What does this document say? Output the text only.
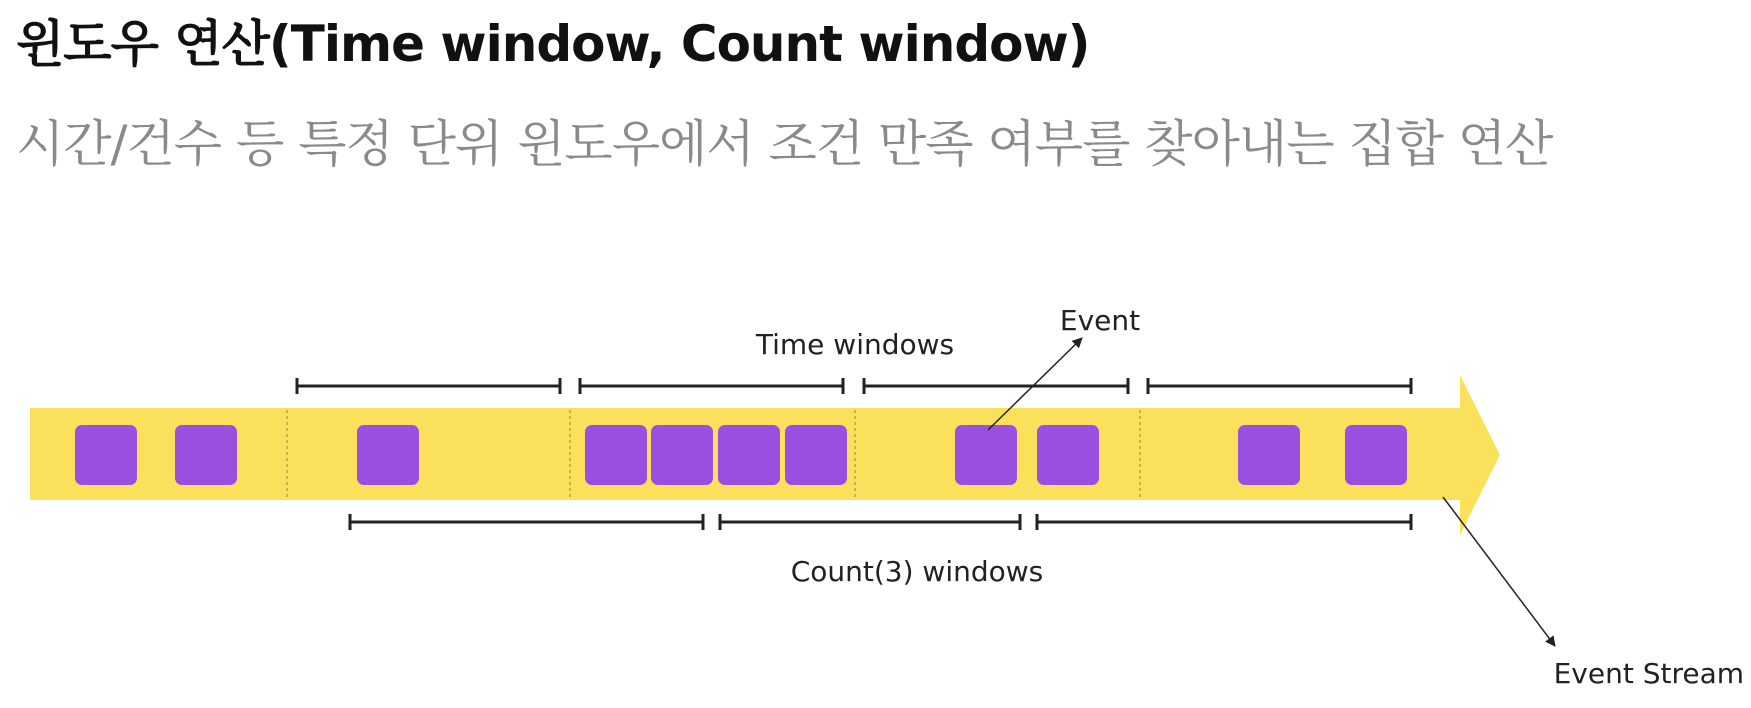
윈도우 연산(Time window, Count window)
시간/건수 등 특정 단위 윈도우에서 조건 만족 여부를 찾아내는 집합 연산
Time windows
Count(3) windows
Event
Event Stream
